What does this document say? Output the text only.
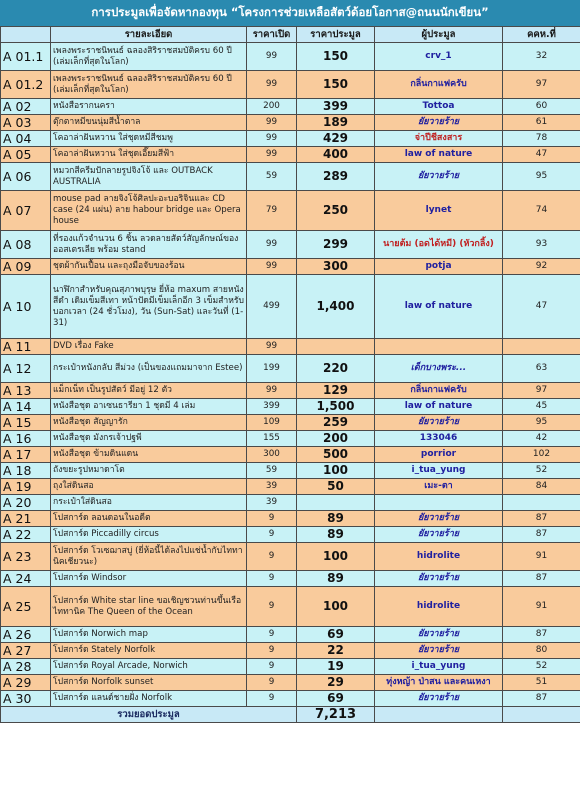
การประมูลเพื่อจัดหากองทุน “โครงการช่วยเหลือสัตว์ด้อยโอกาส@ถนนนักเขียน”
	รายละเอียด	ราคาเปิด	ราคาประมูล	ผู้ประมูล	คคห.ที่
A 01.1	เพลงพระราชนิพนธ์ ฉลองสิริราชสมบัติครบ 60 ปี (เล่มเล็กที่สุดในโลก)	99	150	crv_1	32
A 01.2	เพลงพระราชนิพนธ์ ฉลองสิริราชสมบัติครบ 60 ปี (เล่มเล็กที่สุดในโลก)	99	150	กลิ่นกาแฟครับ	97
A 02	หนังสือรากนครา	200	399	Tottoa	60
A 03	ตุ๊กตาหมีขนนุ่มสีน้ำตาล	99	189	ยัยวายร้าย	61
A 04	โคอาล่าฝันหวาน ใส่ชุดหมีสีชมพู	99	429	จ่าปีชีสงสาร	78
A 05	โคอาล่าฝันหวาน ใส่ชุดเอี๊ยมสีฟ้า	99	400	law of nature	47
A 06	หมวกสีครีมปักลายรูปจิงโจ้ และ OUTBACK AUSTRALIA	59	289	ยัยวายร้าย	95
A 07	mouse pad ลายจิงโจ้ศิลปะอะบอริจินและ CD case (24 แผ่น) ลาย habour bridge และ Opera house	79	250	lynet	74
A 08	ที่รองแก้วจำนวน 6 ชิ้น ลวดลายสัตว์สัญลักษณ์ของออสเตรเลีย พร้อม stand	99	299	นายต้ม (อดได้หมี) (หัวกลิ้ง)	93
A 09	ชุดผ้ากันเปื้อน และถุงมือจับของร้อน	99	300	potja	92
A 10	นาฬิกาสำหรับคุณสุภาพบุรุษ ยี่ห้อ maxum สายหนังสีดำ เดิมเข็มสีเทา หน้าปัดมีเข็มเล็กอีก 3 เข็มสำหรับบอกเวลา (24 ชั่วโมง), วัน (Sun-Sat) และวันที่ (1-31)	499	1,400	law of nature	47
A 11	DVD เรื่อง Fake	99			
A 12	กระเป๋าหนังกลับ สีม่วง (เป็นของแถมมาจาก Estee)	199	220	เด็กบางพระ...	63
A 13	แม็กเน็ท เป็นรูปสัตว์ มีอยู่ 12 ตัว	99	129	กลิ่นกาแฟครับ	97
A 14	หนังสือชุด อาเซนธารียา 1 ชุดมี 4 เล่ม	399	1,500	law of nature	45
A 15	หนังสือชุด สัญญารัก	109	259	ยัยวายร้าย	95
A 16	หนังสือชุด มังกรเจ้าปฐพี	155	200	133046	42
A 17	หนังสือชุด ข้ามดินแดน	300	500	porrior	102
A 18	ถังขยะรูปหมาดาโต	59	100	i_tua_yung	52
A 19	ถุงใส่ดินสอ	39	50	เมะ-ตา	84
A 20	กระเป๋าใส่ดินสอ	39			
A 21	โปสการ์ด ลอนดอนในอดีต	9	89	ยัยวายร้าย	87
A 22	โปสการ์ด Piccadilly circus	9	89	ยัยวายร้าย	87
A 23	โปสการ์ด โวเซฌาสบู่ (ยี่ห้อนี้ได้ลงไปแช่น้ำกับไททานิคเชียวนะ)	9	100	hidrolite	91
A 24	โปสการ์ด Windsor	9	89	ยัยวายร้าย	87
A 25	โปสการ์ด White star line ขอเชิญชวนท่านขึ้นเรือไททานิค The Queen of the Ocean	9	100	hidrolite	91
A 26	โปสการ์ด Norwich map	9	69	ยัยวายร้าย	87
A 27	โปสการ์ด Stately Norfolk	9	22	ยัยวายร้าย	80
A 28	โปสการ์ด Royal Arcade, Norwich	9	19	i_tua_yung	52
A 29	โปสการ์ด Norfolk sunset	9	29	ทุ่งหญ้า ป่าสน และคนเหงา	51
A 30	โปสการ์ด แลนด์ชายฝั่ง Norfolk	9	69	ยัยวายร้าย	87
รวมยอดประมูล			7,213		
